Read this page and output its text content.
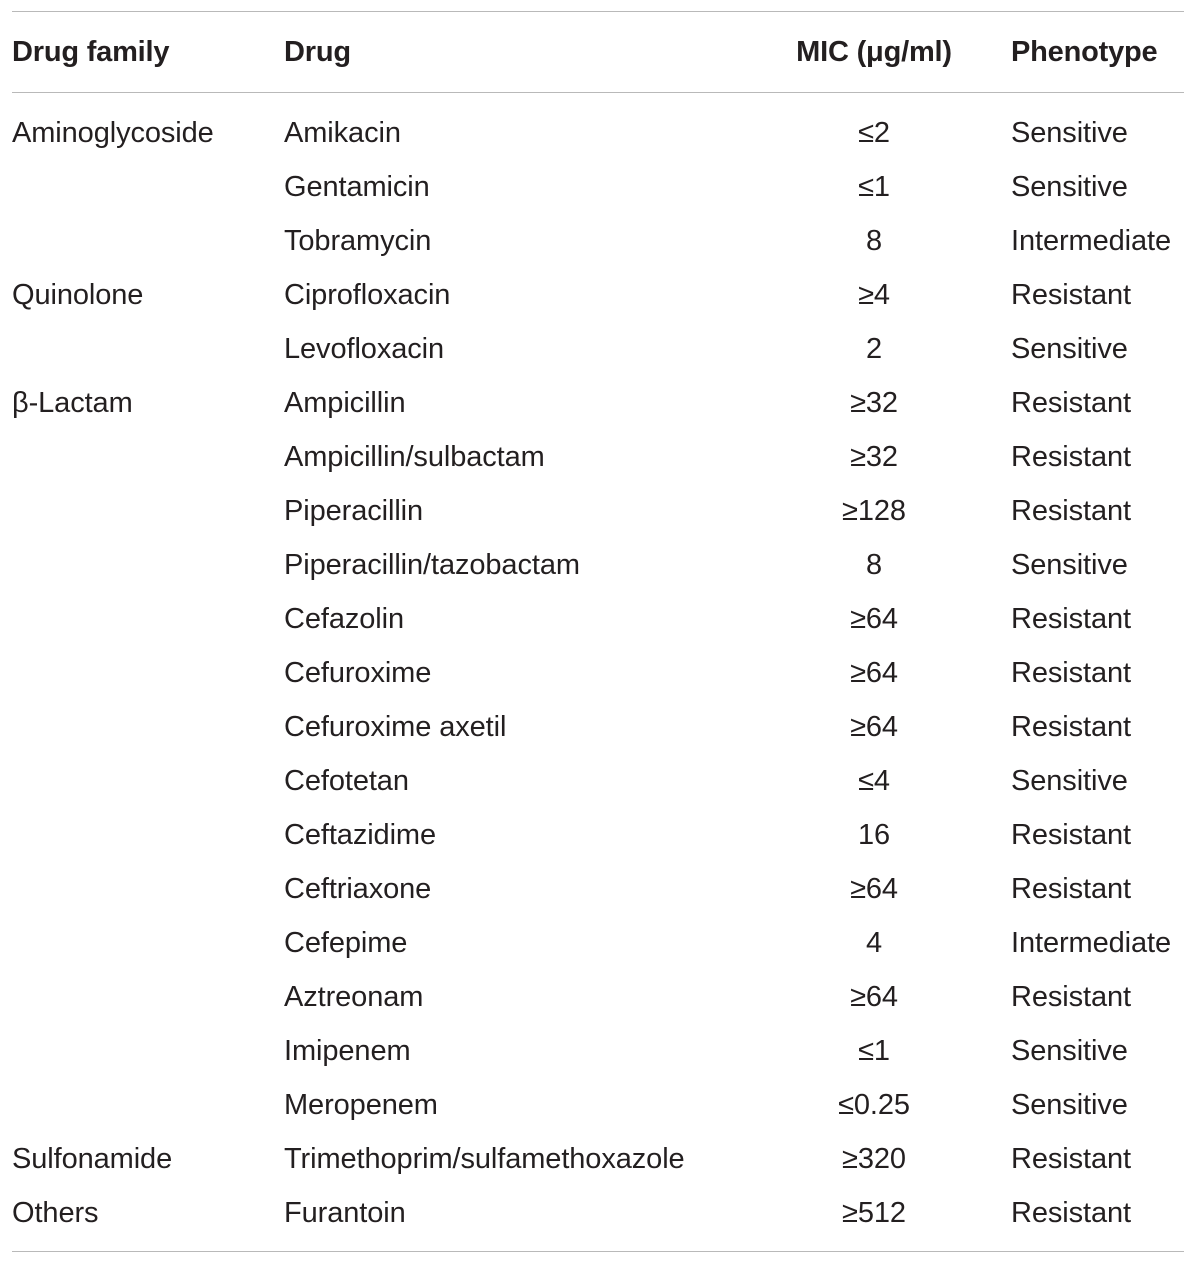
Drug family	Drug	MIC (μg/ml)	Phenotype
Aminoglycoside	Amikacin	≤2	Sensitive
	Gentamicin	≤1	Sensitive
	Tobramycin	8	Intermediate
Quinolone	Ciprofloxacin	≥4	Resistant
	Levofloxacin	2	Sensitive
β-Lactam	Ampicillin	≥32	Resistant
	Ampicillin/sulbactam	≥32	Resistant
	Piperacillin	≥128	Resistant
	Piperacillin/tazobactam	8	Sensitive
	Cefazolin	≥64	Resistant
	Cefuroxime	≥64	Resistant
	Cefuroxime axetil	≥64	Resistant
	Cefotetan	≤4	Sensitive
	Ceftazidime	16	Resistant
	Ceftriaxone	≥64	Resistant
	Cefepime	4	Intermediate
	Aztreonam	≥64	Resistant
	Imipenem	≤1	Sensitive
	Meropenem	≤0.25	Sensitive
Sulfonamide	Trimethoprim/sulfamethoxazole	≥320	Resistant
Others	Furantoin	≥512	Resistant
